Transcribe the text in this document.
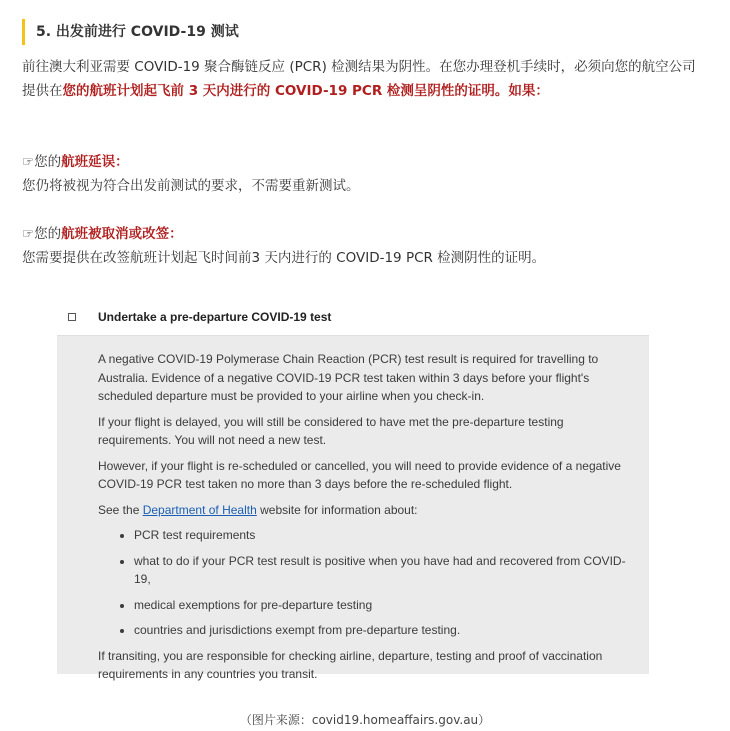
5. 出发前进行 COVID-19 测试
前往澳大利亚需要 COVID-19 聚合酶链反应 (PCR) 检测结果为阴性。在您办理登机手续时，必须向您的航空公司提供在您的航班计划起飞前 3 天内进行的 COVID-19 PCR 检测呈阴性的证明。如果：
☞您的航班延误：
您仍将被视为符合出发前测试的要求，不需要重新测试。
☞您的航班被取消或改签：
您需要提供在改签航班计划起飞时间前3 天内进行的 COVID-19 PCR 检测阴性的证明。
Undertake a pre-departure COVID-19 test

A negative COVID-19 Polymerase Chain Reaction (PCR) test result is required for travelling to Australia. Evidence of a negative COVID-19 PCR test taken within 3 days before your flight's scheduled departure must be provided to your airline when you check-in.

If your flight is delayed, you will still be considered to have met the pre-departure testing requirements. You will not need a new test.

However, if your flight is re-scheduled or cancelled, you will need to provide evidence of a negative COVID-19 PCR test taken no more than 3 days before the re-scheduled flight.

See the Department of Health website for information about:

• PCR test requirements
• what to do if your PCR test result is positive when you have had and recovered from COVID-19,
• medical exemptions for pre-departure testing
• countries and jurisdictions exempt from pre-departure testing.

If transiting, you are responsible for checking airline, departure, testing and proof of vaccination requirements in any countries you transit.

（图片来源：covid19.homeaffairs.gov.au）
